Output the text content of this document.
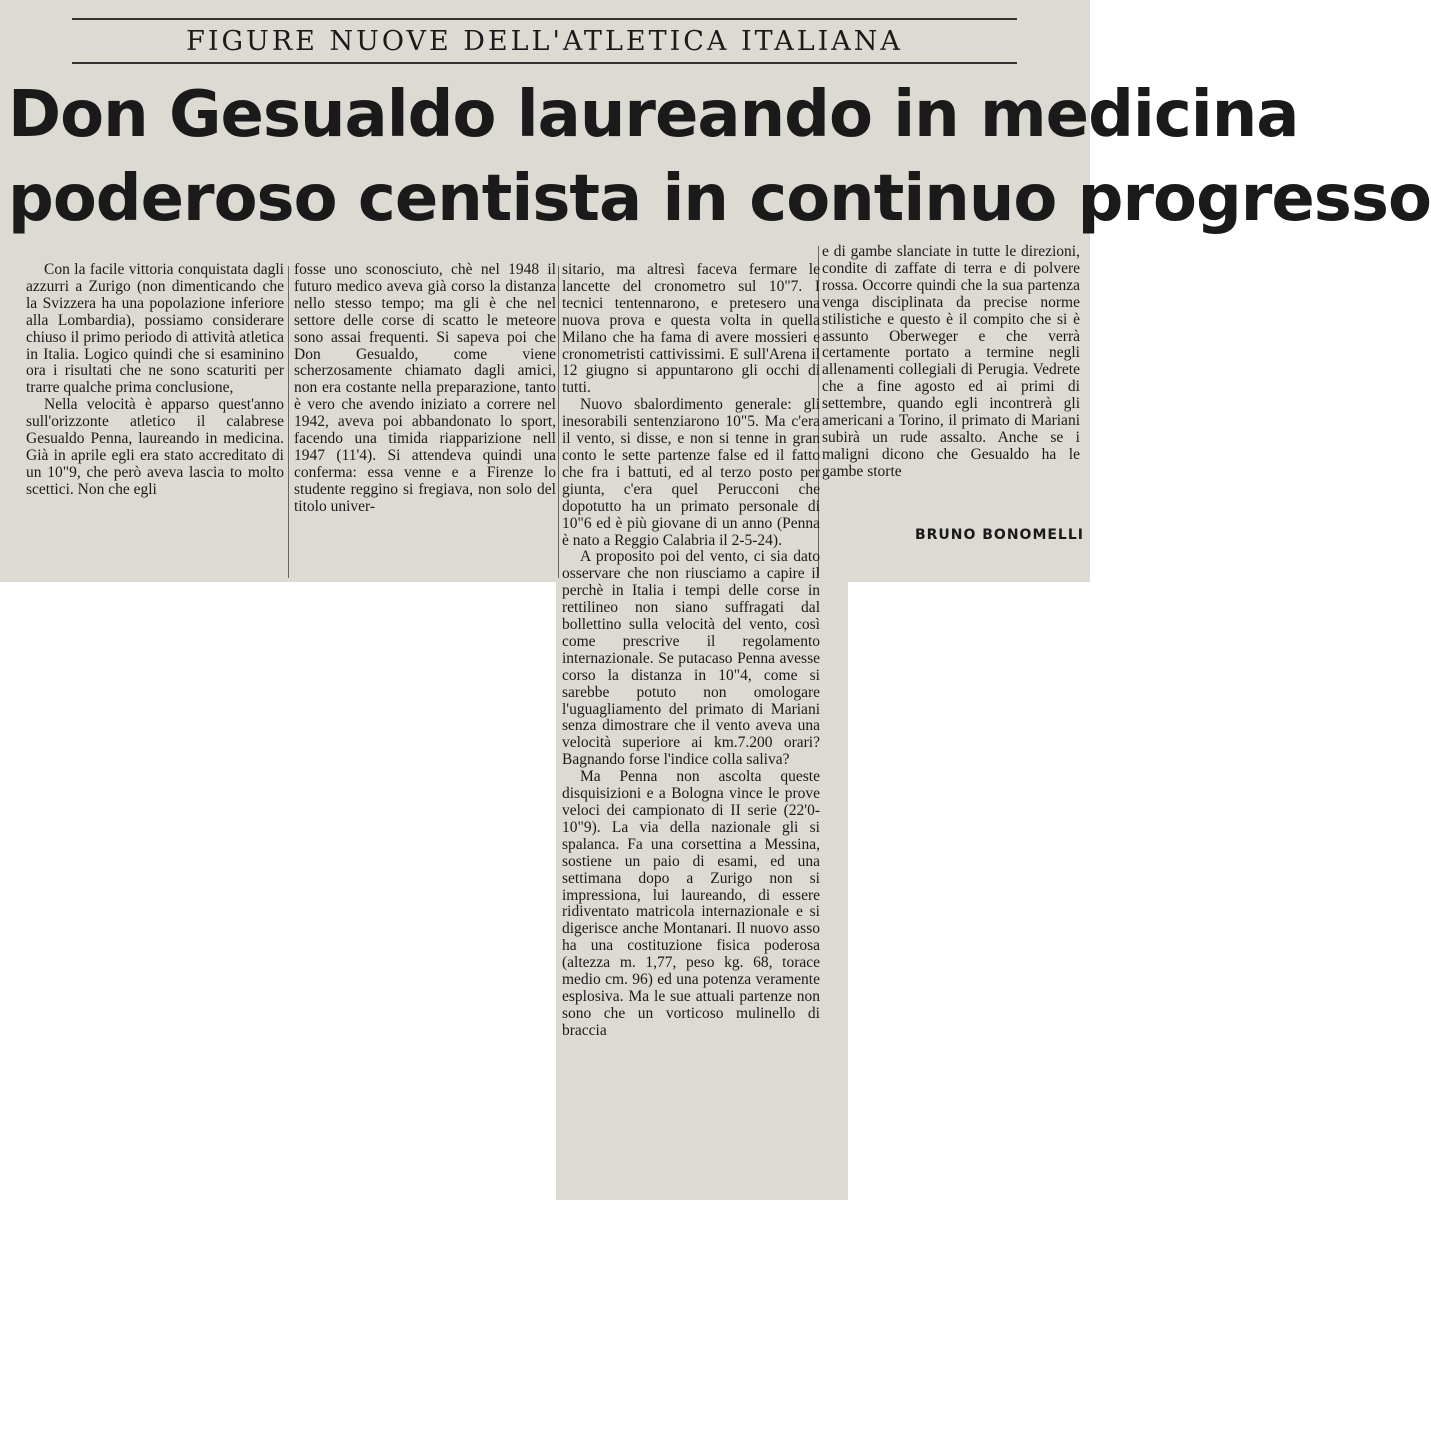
FIGURE NUOVE DELL'ATLETICA ITALIANA
Don Gesualdo laureando in medicina
poderoso centista in continuo progresso
Con la facile vittoria conquistata dagli azzurri a Zurigo (non dimenticando che la Svizzera ha una popolazione inferiore alla Lombardia), possiamo considerare chiuso il primo periodo di attività atletica in Italia. Logico quindi che si esaminino ora i risultati che ne sono scaturiti per trarre qualche prima conclusione,
Nella velocità è apparso quest'anno sull'orizzonte atletico il calabrese Gesualdo Penna, laureando in medicina. Già in aprile egli era stato accreditato di un 10"9, che però aveva lascia to molto scettici. Non che egli
fosse uno sconosciuto, chè nel 1948 il futuro medico aveva già corso la distanza nello stesso tempo; ma gli è che nel settore delle corse di scatto le meteore sono assai frequenti. Si sapeva poi che Don Gesualdo, come viene scherzosamente chiamato dagli amici, non era costante nella preparazione, tanto è vero che avendo iniziato a correre nel 1942, aveva poi abbandonato lo sport, facendo una timida riapparizione nell 1947 (11'4). Si attendeva quindi una conferma: essa venne e a Firenze lo studente reggino si fregiava, non solo del titolo univer-
sitario, ma altresì faceva fermare le lancette del cronometro sul 10"7. I tecnici tentennarono, e pretesero una nuova prova e questa volta in quella Milano che ha fama di avere mossieri e cronometristi cattivissimi. E sull'Arena il 12 giugno si appuntarono gli occhi di tutti.
Nuovo sbalordimento generale: gli inesorabili sentenziarono 10"5. Ma c'era il vento, si disse, e non si tenne in gran conto le sette partenze false ed il fatto che fra i battuti, ed al terzo posto per giunta, c'era quel Perucconi che dopotutto ha un primato personale di 10"6 ed è più giovane di un anno (Penna è nato a Reggio Calabria il 2-5-24).
A proposito poi del vento, ci sia dato osservare che non riusciamo a capire il perchè in Italia i tempi delle corse in rettilineo non siano suffragati dal bollettino sulla velocità del vento, così come prescrive il regolamento internazionale. Se putacaso Penna avesse corso la distanza in 10"4, come si sarebbe potuto non omologare l'uguagliamento del primato di Mariani senza dimostrare che il vento aveva una velocità superiore ai km.7.200 orari? Bagnando forse l'indice colla saliva?
Ma Penna non ascolta queste disquisizioni e a Bologna vince le prove veloci dei campionato di II serie (22'0-10"9). La via della nazionale gli si spalanca. Fa una corsettina a Messina, sostiene un paio di esami, ed una settimana dopo a Zurigo non si impressiona, lui laureando, di essere ridiventato matricola internazionale e si digerisce anche Montanari. Il nuovo asso ha una costituzione fisica poderosa (altezza m. 1,77, peso kg. 68, torace medio cm. 96) ed una potenza veramente esplosiva. Ma le sue attuali partenze non sono che un vorticoso mulinello di braccia
e di gambe slanciate in tutte le direzioni, condite di zaffate di terra e di polvere rossa. Occorre quindi che la sua partenza venga disciplinata da precise norme stilistiche e questo è il compito che si è assunto Oberweger e che verrà certamente portato a termine negli allenamenti collegiali di Perugia. Vedrete che a fine agosto ed ai primi di settembre, quando egli incontrerà gli americani a Torino, il primato di Mariani subirà un rude assalto. Anche se i maligni dicono che Gesualdo ha le gambe storte
BRUNO BONOMELLI
